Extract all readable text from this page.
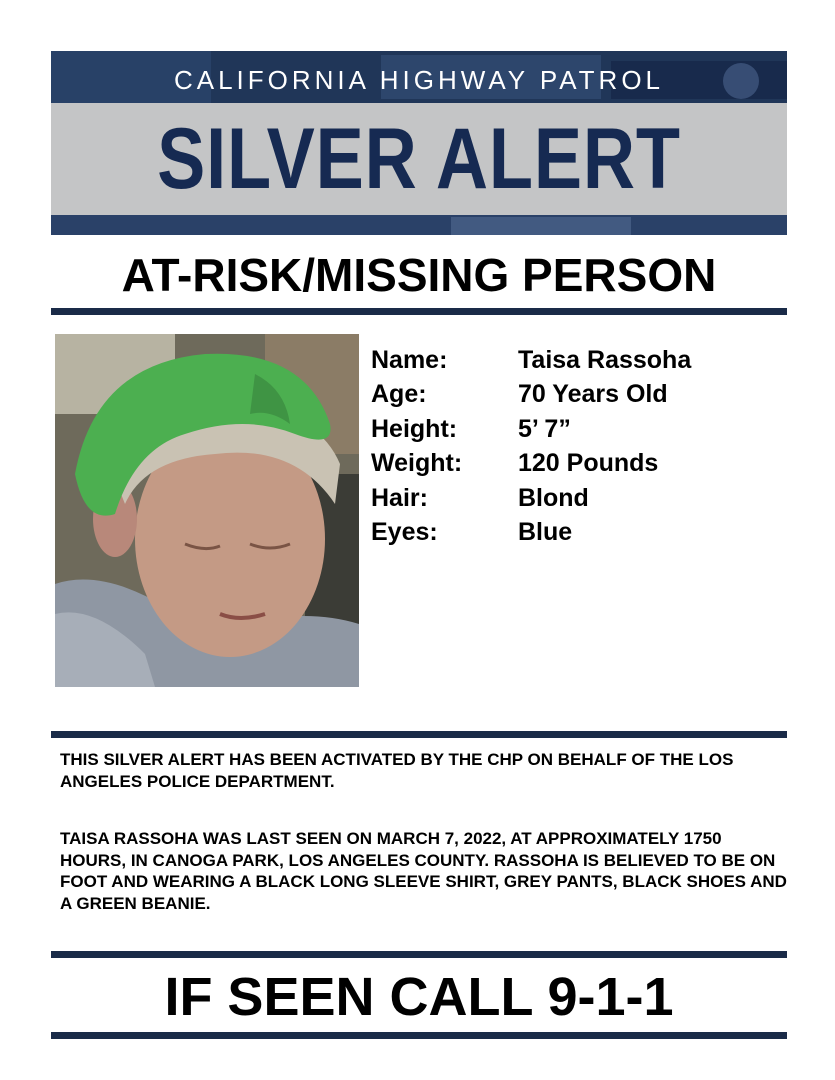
CALIFORNIA HIGHWAY PATROL
SILVER ALERT
AT-RISK/MISSING PERSON
Name:	Taisa Rassoha
Age:	70 Years Old
Height:	5’ 7”
Weight:	120 Pounds
Hair:	Blond
Eyes:	Blue
THIS SILVER ALERT HAS BEEN ACTIVATED BY THE CHP ON BEHALF OF THE LOS ANGELES POLICE DEPARTMENT.
TAISA RASSOHA WAS LAST SEEN ON MARCH 7, 2022, AT APPROXIMATELY 1750 HOURS, IN CANOGA PARK, LOS ANGELES COUNTY. RASSOHA IS BELIEVED TO BE ON FOOT AND WEARING A BLACK LONG SLEEVE SHIRT, GREY PANTS, BLACK SHOES AND A GREEN BEANIE.
IF SEEN CALL 9-1-1
